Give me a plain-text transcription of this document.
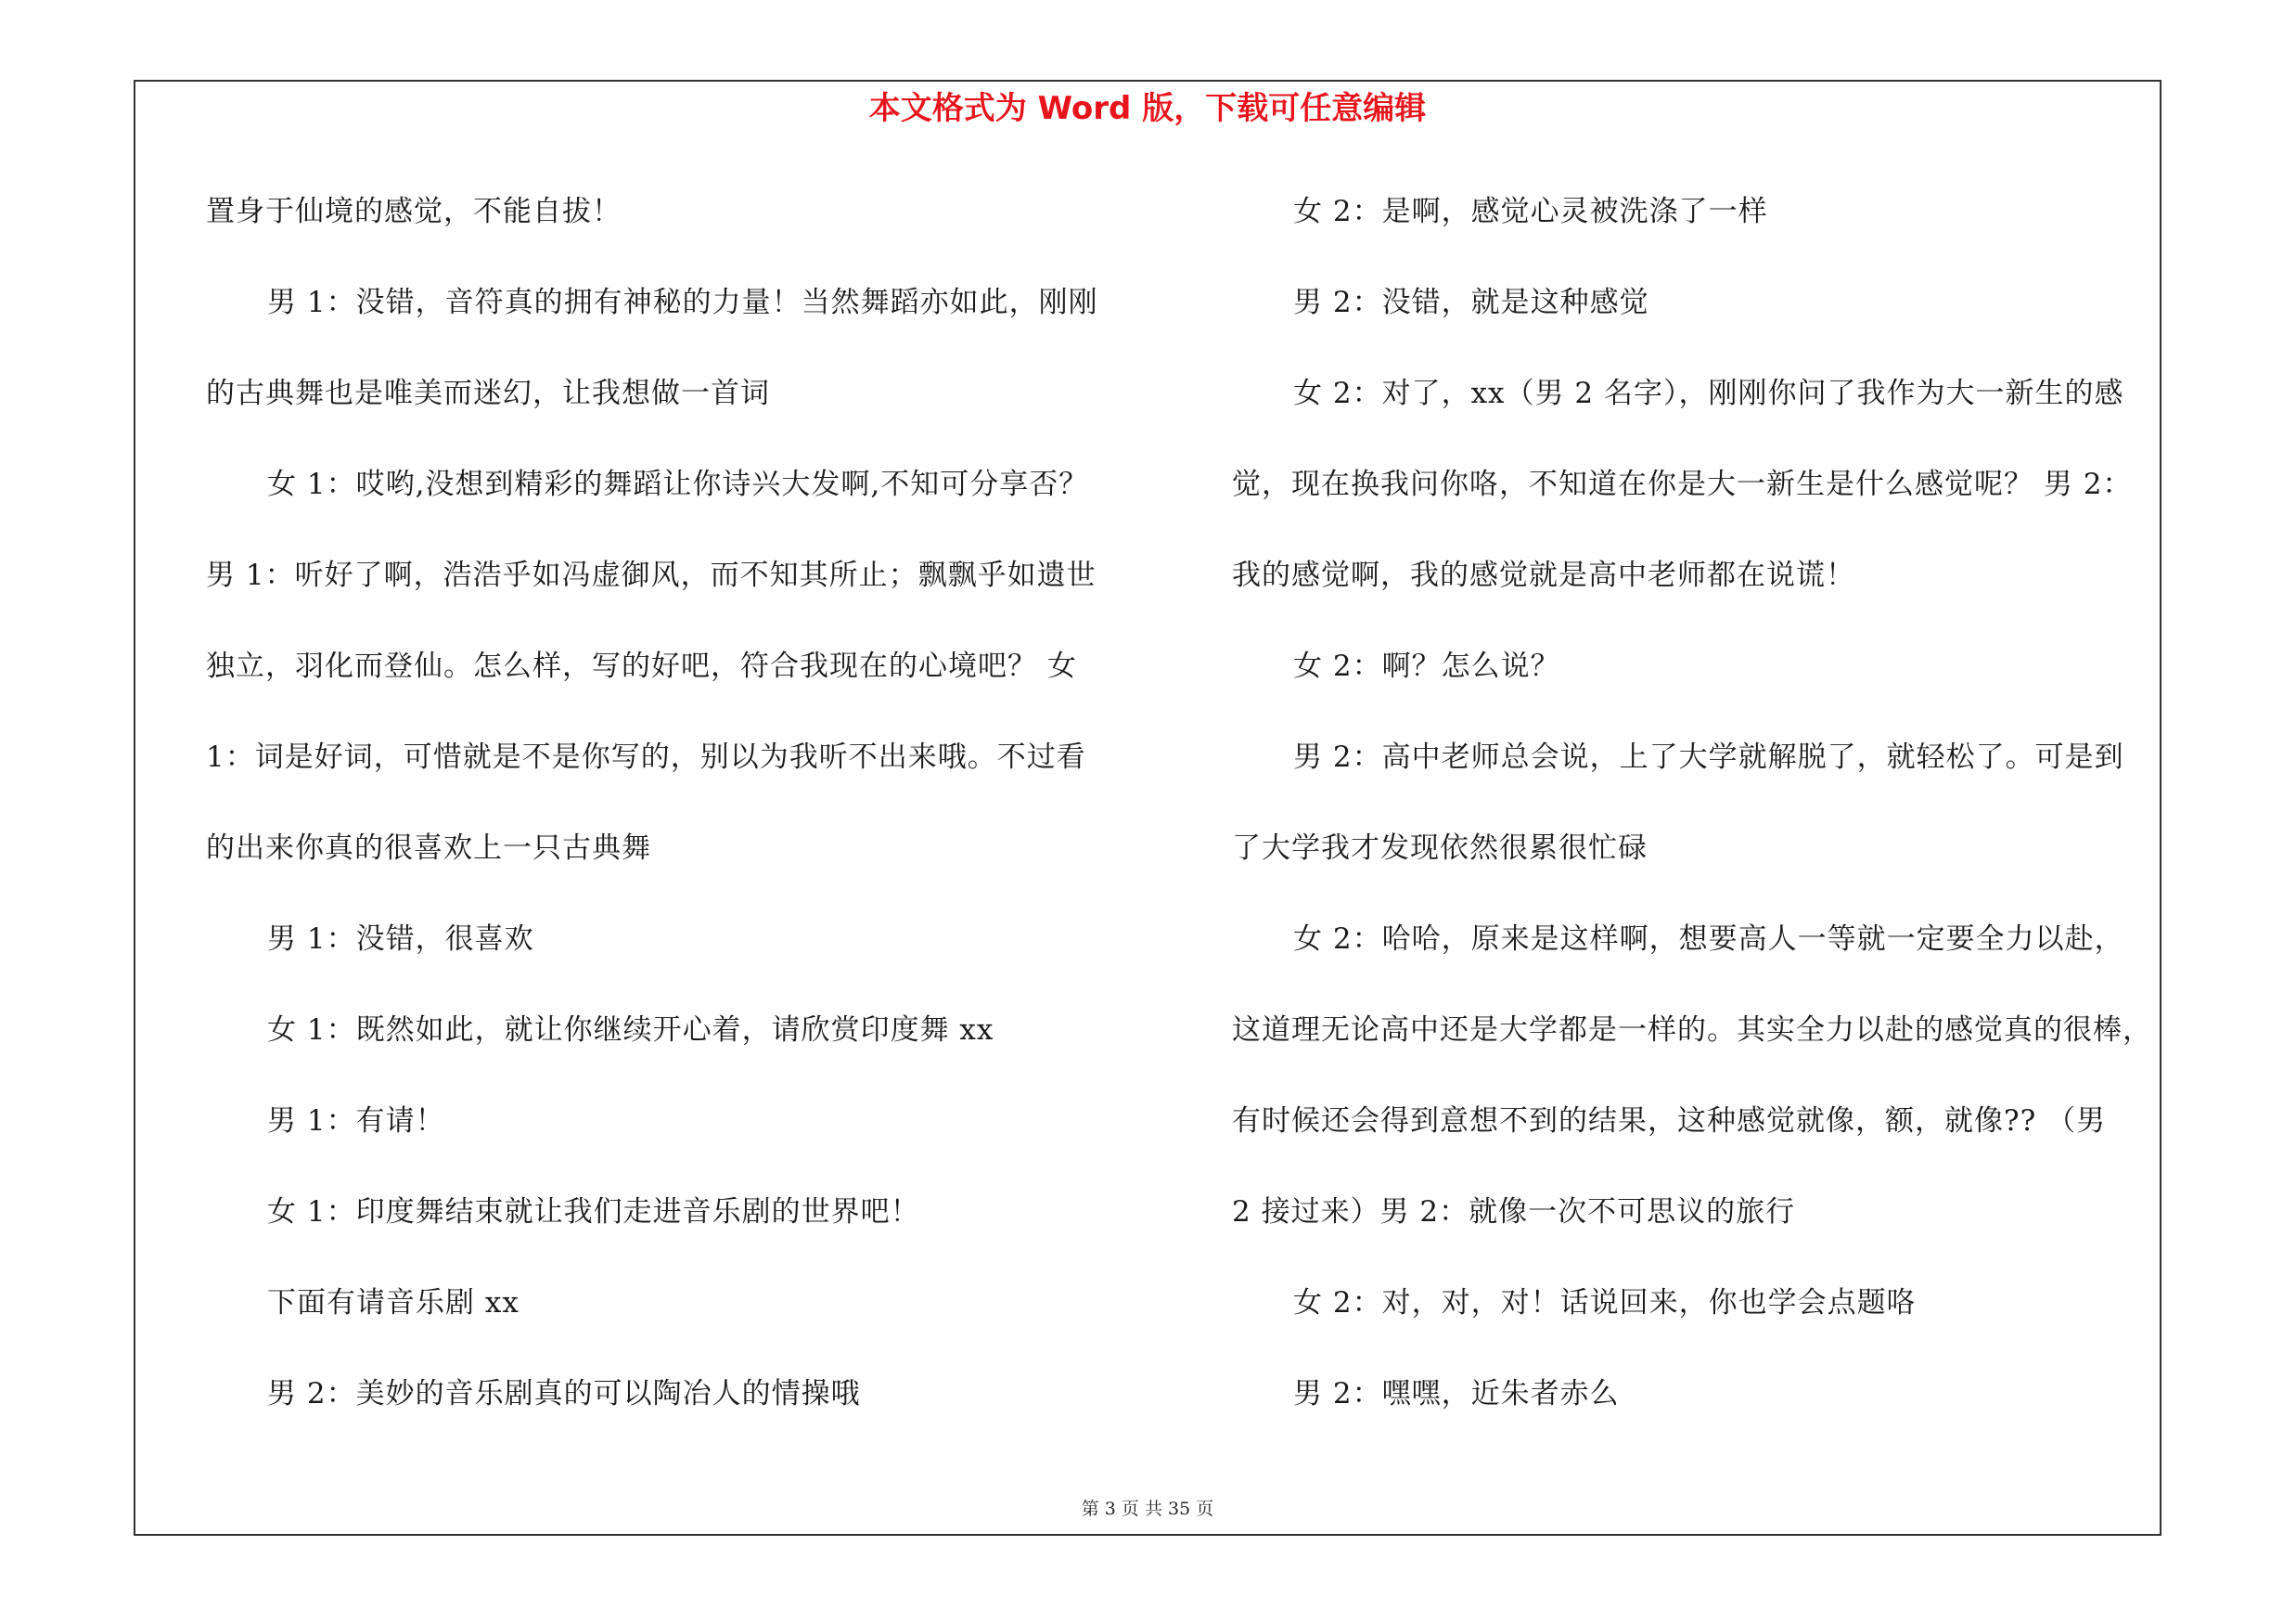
本文格式为 Word 版，下载可任意编辑
置身于仙境的感觉，不能自拔！
男 1：没错，音符真的拥有神秘的力量！当然舞蹈亦如此，刚刚
的古典舞也是唯美而迷幻，让我想做一首词
女 1：哎哟,没想到精彩的舞蹈让你诗兴大发啊,不知可分享否？
男 1：听好了啊，浩浩乎如冯虚御风，而不知其所止；飘飘乎如遗世
独立，羽化而登仙。怎么样，写的好吧，符合我现在的心境吧？ 女
1：词是好词，可惜就是不是你写的，别以为我听不出来哦。不过看
的出来你真的很喜欢上一只古典舞
男 1：没错，很喜欢
女 1：既然如此，就让你继续开心着，请欣赏印度舞 xx
男 1：有请！
女 1：印度舞结束就让我们走进音乐剧的世界吧！
下面有请音乐剧 xx
男 2：美妙的音乐剧真的可以陶冶人的情操哦
女 2：是啊，感觉心灵被洗涤了一样
男 2：没错，就是这种感觉
女 2：对了，xx（男 2 名字），刚刚你问了我作为大一新生的感
觉，现在换我问你咯，不知道在你是大一新生是什么感觉呢？ 男 2：
我的感觉啊，我的感觉就是高中老师都在说谎！
女 2：啊？怎么说？
男 2：高中老师总会说，上了大学就解脱了，就轻松了。可是到
了大学我才发现依然很累很忙碌
女 2：哈哈，原来是这样啊，想要高人一等就一定要全力以赴，
这道理无论高中还是大学都是一样的。其实全力以赴的感觉真的很棒，
有时候还会得到意想不到的结果，这种感觉就像，额，就像?? （男
2 接过来）男 2：就像一次不可思议的旅行
女 2：对，对，对！话说回来，你也学会点题咯
男 2：嘿嘿，近朱者赤么
第 3 页 共 35 页
